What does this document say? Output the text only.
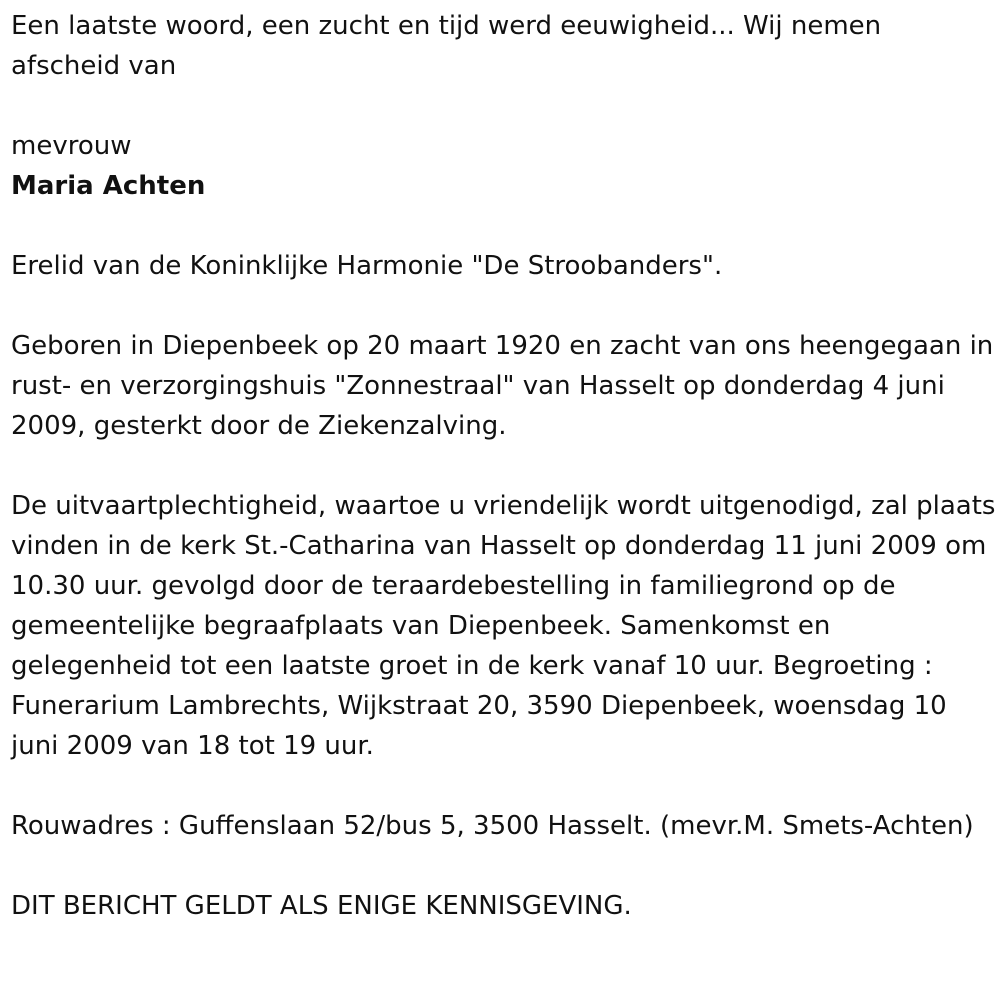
Een laatste woord, een zucht en tijd werd eeuwigheid... Wij nemen afscheid van

mevrouw

Maria Achten

Erelid van de Koninklijke Harmonie "De Stroobanders".

Geboren in Diepenbeek op 20 maart 1920 en zacht van ons heengegaan in rust- en verzorgingshuis "Zonnestraal" van Hasselt op donderdag 4 juni 2009, gesterkt door de Ziekenzalving.

De uitvaartplechtigheid, waartoe u vriendelijk wordt uitgenodigd, zal plaats vinden in de kerk St.-Catharina van Hasselt op donderdag 11 juni 2009 om 10.30 uur. gevolgd door de teraardebestelling in familiegrond op de gemeentelijke begraafplaats van Diepenbeek. Samenkomst en gelegenheid tot een laatste groet in de kerk vanaf 10 uur. Begroeting : Funerarium Lambrechts, Wijkstraat 20, 3590 Diepenbeek, woensdag 10 juni 2009 van 18 tot 19 uur.

Rouwadres : Guffenslaan 52/bus 5, 3500 Hasselt. (mevr.M. Smets-Achten)

DIT BERICHT GELDT ALS ENIGE KENNISGEVING.
